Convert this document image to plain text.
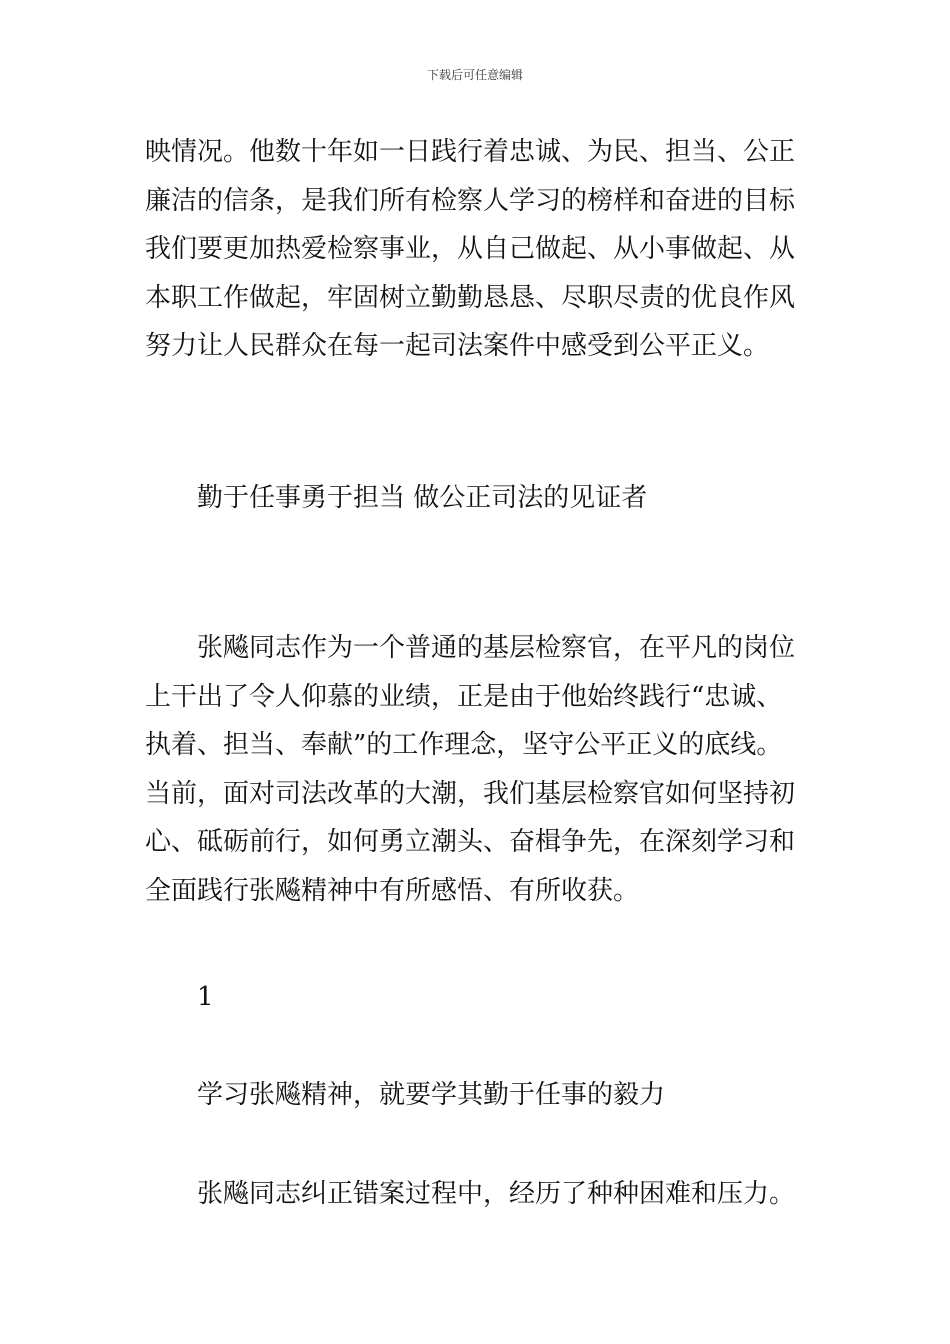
下载后可任意编辑
映情况。他数十年如一日践行着忠诚、为民、担当、公正
廉洁的信条，是我们所有检察人学习的榜样和奋进的目标
我们要更加热爱检察事业，从自己做起、从小事做起、从
本职工作做起，牢固树立勤勤恳恳、尽职尽责的优良作风
努力让人民群众在每一起司法案件中感受到公平正义。
勤于任事勇于担当 做公正司法的见证者
张飚同志作为一个普通的基层检察官，在平凡的岗位
上干出了令人仰慕的业绩，正是由于他始终践行“忠诚、
执着、担当、奉献”的工作理念，坚守公平正义的底线。
当前，面对司法改革的大潮，我们基层检察官如何坚持初
心、砥砺前行，如何勇立潮头、奋楫争先，在深刻学习和
全面践行张飚精神中有所感悟、有所收获。
1
学习张飚精神，就要学其勤于任事的毅力
张飚同志纠正错案过程中，经历了种种困难和压力。
